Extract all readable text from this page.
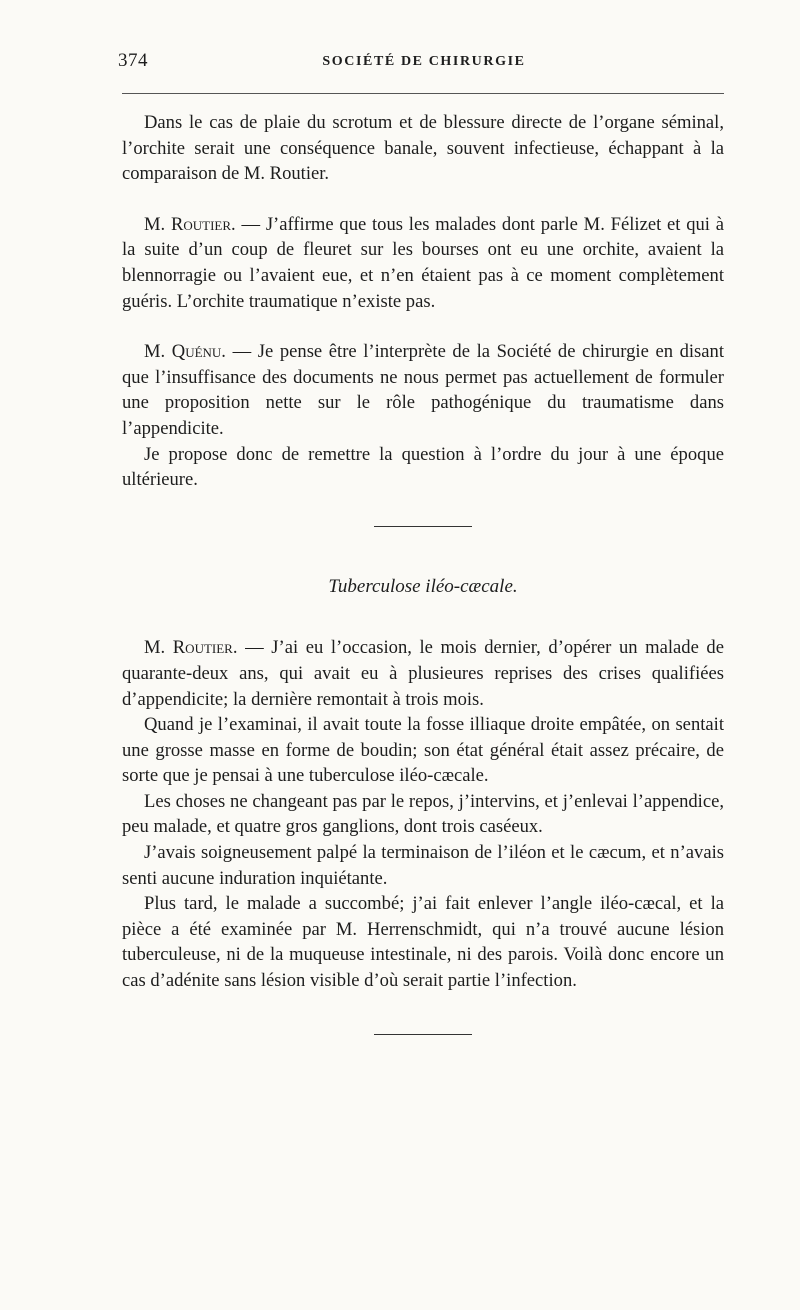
374	SOCIÉTÉ DE CHIRURGIE

Dans le cas de plaie du scrotum et de blessure directe de l’organe séminal, l’orchite serait une conséquence banale, souvent infectieuse, échappant à la comparaison de M. Routier.

M. Routier. — J’affirme que tous les malades dont parle M. Félizet et qui à la suite d’un coup de fleuret sur les bourses ont eu une orchite, avaient la blennorragie ou l’avaient eue, et n’en étaient pas à ce moment complètement guéris. L’orchite traumatique n’existe pas.

M. Quénu. — Je pense être l’interprète de la Société de chirurgie en disant que l’insuffisance des documents ne nous permet pas actuellement de formuler une proposition nette sur le rôle pathogénique du traumatisme dans l’appendicite.

Je propose donc de remettre la question à l’ordre du jour à une époque ultérieure.

Tuberculose iléo-cæcale.

M. Routier. — J’ai eu l’occasion, le mois dernier, d’opérer un malade de quarante-deux ans, qui avait eu à plusieures reprises des crises qualifiées d’appendicite; la dernière remontait à trois mois.

Quand je l’examinai, il avait toute la fosse illiaque droite empâtée, on sentait une grosse masse en forme de boudin; son état général était assez précaire, de sorte que je pensai à une tuberculose iléo-cæcale.

Les choses ne changeant pas par le repos, j’intervins, et j’enlevai l’appendice, peu malade, et quatre gros ganglions, dont trois caséeux.

J’avais soigneusement palpé la terminaison de l’iléon et le cæcum, et n’avais senti aucune induration inquiétante.

Plus tard, le malade a succombé; j’ai fait enlever l’angle iléo-cæcal, et la pièce a été examinée par M. Herrenschmidt, qui n’a trouvé aucune lésion tuberculeuse, ni de la muqueuse intestinale, ni des parois. Voilà donc encore un cas d’adénite sans lésion visible d’où serait partie l’infection.
